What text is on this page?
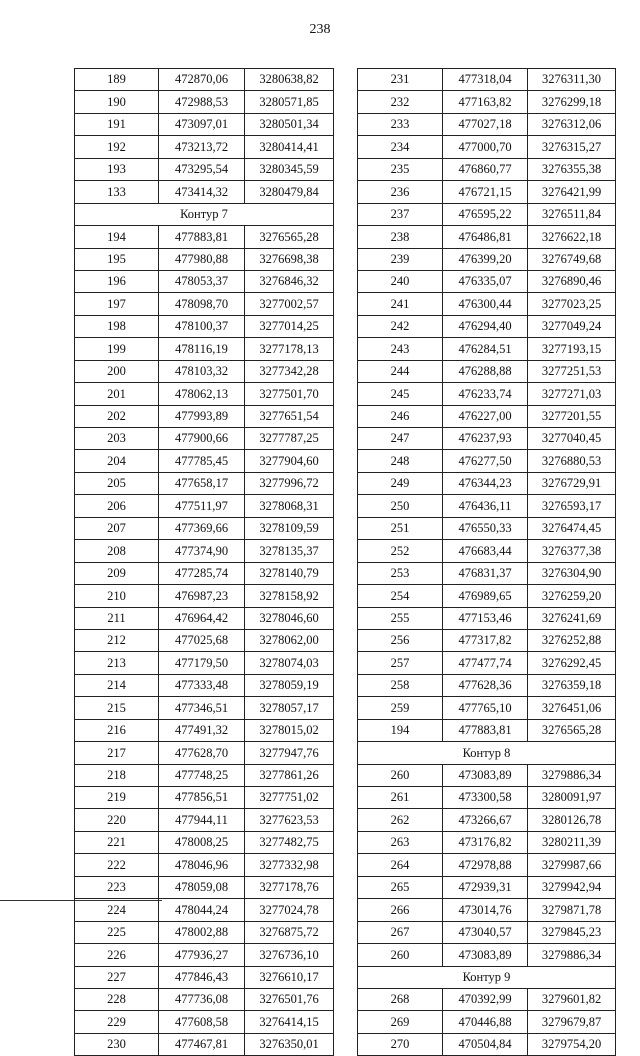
238
189	472870,06	3280638,82
190	472988,53	3280571,85
191	473097,01	3280501,34
192	473213,72	3280414,41
193	473295,54	3280345,59
133	473414,32	3280479,84
Контур 7		
194	477883,81	3276565,28
195	477980,88	3276698,38
196	478053,37	3276846,32
197	478098,70	3277002,57
198	478100,37	3277014,25
199	478116,19	3277178,13
200	478103,32	3277342,28
201	478062,13	3277501,70
202	477993,89	3277651,54
203	477900,66	3277787,25
204	477785,45	3277904,60
205	477658,17	3277996,72
206	477511,97	3278068,31
207	477369,66	3278109,59
208	477374,90	3278135,37
209	477285,74	3278140,79
210	476987,23	3278158,92
211	476964,42	3278046,60
212	477025,68	3278062,00
213	477179,50	3278074,03
214	477333,48	3278059,19
215	477346,51	3278057,17
216	477491,32	3278015,02
217	477628,70	3277947,76
218	477748,25	3277861,26
219	477856,51	3277751,02
220	477944,11	3277623,53
221	478008,25	3277482,75
222	478046,96	3277332,98
223	478059,08	3277178,76
224	478044,24	3277024,78
225	478002,88	3276875,72
226	477936,27	3276736,10
227	477846,43	3276610,17
228	477736,08	3276501,76
229	477608,58	3276414,15
230	477467,81	3276350,01
231	477318,04	3276311,30
232	477163,82	3276299,18
233	477027,18	3276312,06
234	477000,70	3276315,27
235	476860,77	3276355,38
236	476721,15	3276421,99
237	476595,22	3276511,84
238	476486,81	3276622,18
239	476399,20	3276749,68
240	476335,07	3276890,46
241	476300,44	3277023,25
242	476294,40	3277049,24
243	476284,51	3277193,15
244	476288,88	3277251,53
245	476233,74	3277271,03
246	476227,00	3277201,55
247	476237,93	3277040,45
248	476277,50	3276880,53
249	476344,23	3276729,91
250	476436,11	3276593,17
251	476550,33	3276474,45
252	476683,44	3276377,38
253	476831,37	3276304,90
254	476989,65	3276259,20
255	477153,46	3276241,69
256	477317,82	3276252,88
257	477477,74	3276292,45
258	477628,36	3276359,18
259	477765,10	3276451,06
194	477883,81	3276565,28
Контур 8		
260	473083,89	3279886,34
261	473300,58	3280091,97
262	473266,67	3280126,78
263	473176,82	3280211,39
264	472978,88	3279987,66
265	472939,31	3279942,94
266	473014,76	3279871,78
267	473040,57	3279845,23
260	473083,89	3279886,34
Контур 9		
268	470392,99	3279601,82
269	470446,88	3279679,87
270	470504,84	3279754,20
